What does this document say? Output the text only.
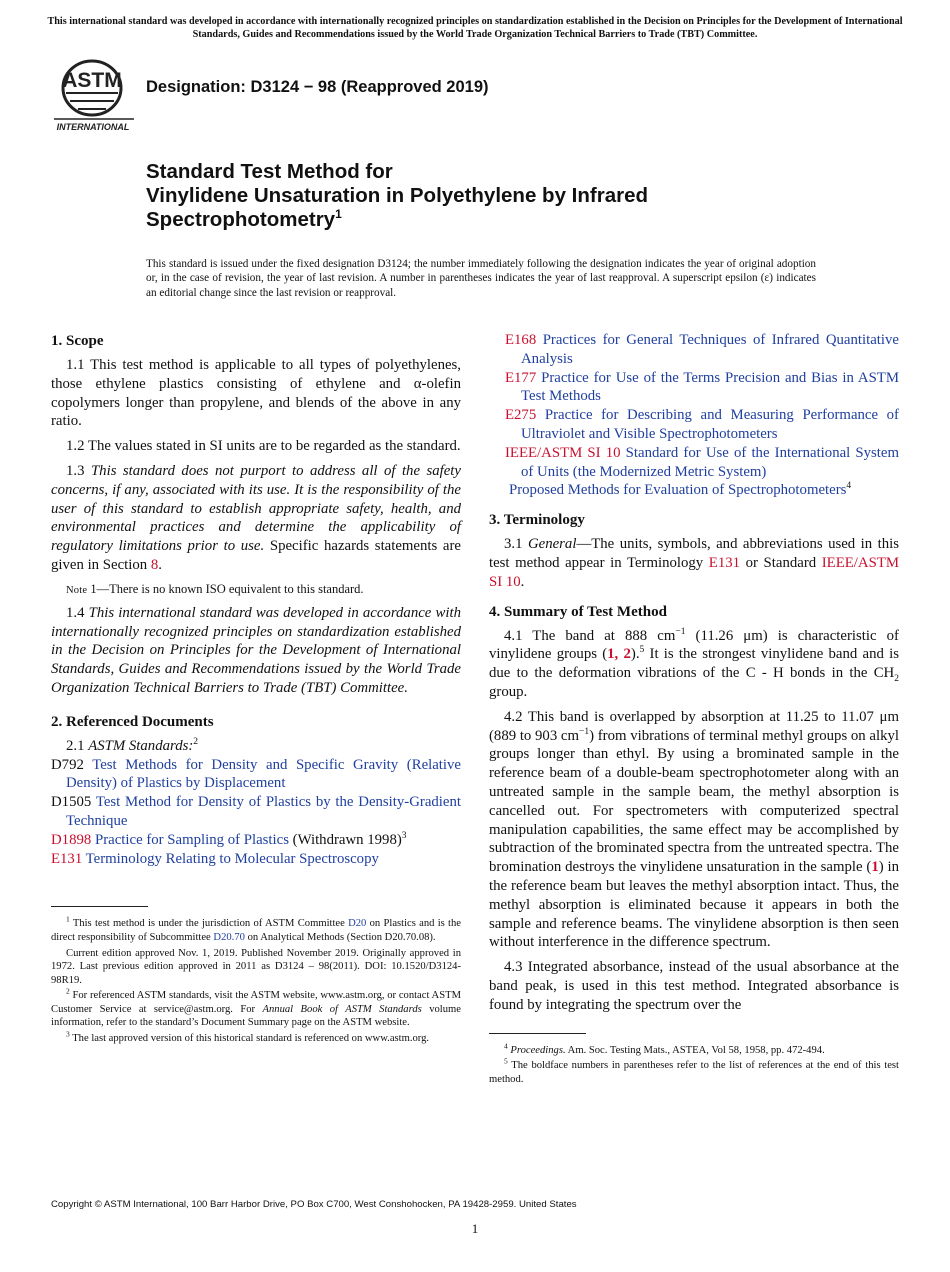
This international standard was developed in accordance with internationally recognized principles on standardization established in the Decision on Principles for the Development of International Standards, Guides and Recommendations issued by the World Trade Organization Technical Barriers to Trade (TBT) Committee.
ASTM
INTERNATIONAL
Designation: D3124 − 98 (Reapproved 2019)
Standard Test Method for
Vinylidene Unsaturation in Polyethylene by Infrared Spectrophotometry$^1$
This standard is issued under the fixed designation D3124; the number immediately following the designation indicates the year of original adoption or, in the case of revision, the year of last revision. A number in parentheses indicates the year of last reapproval. A superscript epsilon (ε) indicates an editorial change since the last revision or reapproval.
1. Scope

1.1 This test method is applicable to all types of polyethylenes, those ethylene plastics consisting of ethylene and α-olefin copolymers longer than propylene, and blends of the above in any ratio.

1.2 The values stated in SI units are to be regarded as the standard.

1.3 This standard does not purport to address all of the safety concerns, if any, associated with its use. It is the responsibility of the user of this standard to establish appropriate safety, health, and environmental practices and determine the applicability of regulatory limitations prior to use. Specific hazards statements are given in Section 8.

Note 1—There is no known ISO equivalent to this standard.

1.4 This international standard was developed in accordance with internationally recognized principles on standardization established in the Decision on Principles for the Development of International Standards, Guides and Recommendations issued by the World Trade Organization Technical Barriers to Trade (TBT) Committee.

2. Referenced Documents
2.1 ASTM Standards:$^2$
D792 Test Methods for Density and Specific Gravity (Relative Density) of Plastics by Displacement
D1505 Test Method for Density of Plastics by the Density-Gradient Technique
D1898 Practice for Sampling of Plastics (Withdrawn 1998)$^3$
E131 Terminology Relating to Molecular Spectroscopy
$^1$ This test method is under the jurisdiction of ASTM Committee D20 on Plastics and is the direct responsibility of Subcommittee D20.70 on Analytical Methods (Section D20.70.08).
Current edition approved Nov. 1, 2019. Published November 2019. Originally approved in 1972. Last previous edition approved in 2011 as D3124 – 98(2011). DOI: 10.1520/D3124-98R19.
$^2$ For referenced ASTM standards, visit the ASTM website, www.astm.org, or contact ASTM Customer Service at service@astm.org. For Annual Book of ASTM Standards volume information, refer to the standard’s Document Summary page on the ASTM website.
$^3$ The last approved version of this historical standard is referenced on www.astm.org.
E168 Practices for General Techniques of Infrared Quantitative Analysis
E177 Practice for Use of the Terms Precision and Bias in ASTM Test Methods
E275 Practice for Describing and Measuring Performance of Ultraviolet and Visible Spectrophotometers
IEEE/ASTM SI 10 Standard for Use of the International System of Units (the Modernized Metric System)
Proposed Methods for Evaluation of Spectrophotometers$^4$
3. Terminology

3.1 General—The units, symbols, and abbreviations used in this test method appear in Terminology E131 or Standard IEEE/ASTM SI 10.

4. Summary of Test Method

4.1 The band at 888 $cm^{-1}$ (11.26 μm) is characteristic of vinylidene groups (1, 2).$^5$ It is the strongest vinylidene band and is due to the deformation vibrations of the C - H bonds in the $CH_2$ group.

4.2 This band is overlapped by absorption at 11.25 to 11.07 μm (889 to 903 $cm^{-1}$) from vibrations of terminal methyl groups on alkyl groups longer than ethyl. By using a brominated sample in the reference beam of a double-beam spectrophotometer along with an untreated sample in the sample beam, the methyl absorption is cancelled out. For spectrometers with computerized spectral manipulation capabilities, the same effect may be accomplished by subtraction of the brominated spectra from the untreated spectra. The bromination destroys the vinylidene unsaturation in the sample (1) in the reference beam but leaves the methyl absorption intact. Thus, the methyl absorption is eliminated because it appears in both the sample and reference beams. The vinylidene absorption is then seen without interference in the difference spectrum.

4.3 Integrated absorbance, instead of the usual absorbance at the band peak, is used in this test method. Integrated absorbance is found by integrating the spectrum over the

$^4$ Proceedings. Am. Soc. Testing Mats., ASTEA, Vol 58, 1958, pp. 472-494.
$^5$ The boldface numbers in parentheses refer to the list of references at the end of this test method.
Copyright © ASTM International, 100 Barr Harbor Drive, PO Box C700, West Conshohocken, PA 19428-2959. United States
1
